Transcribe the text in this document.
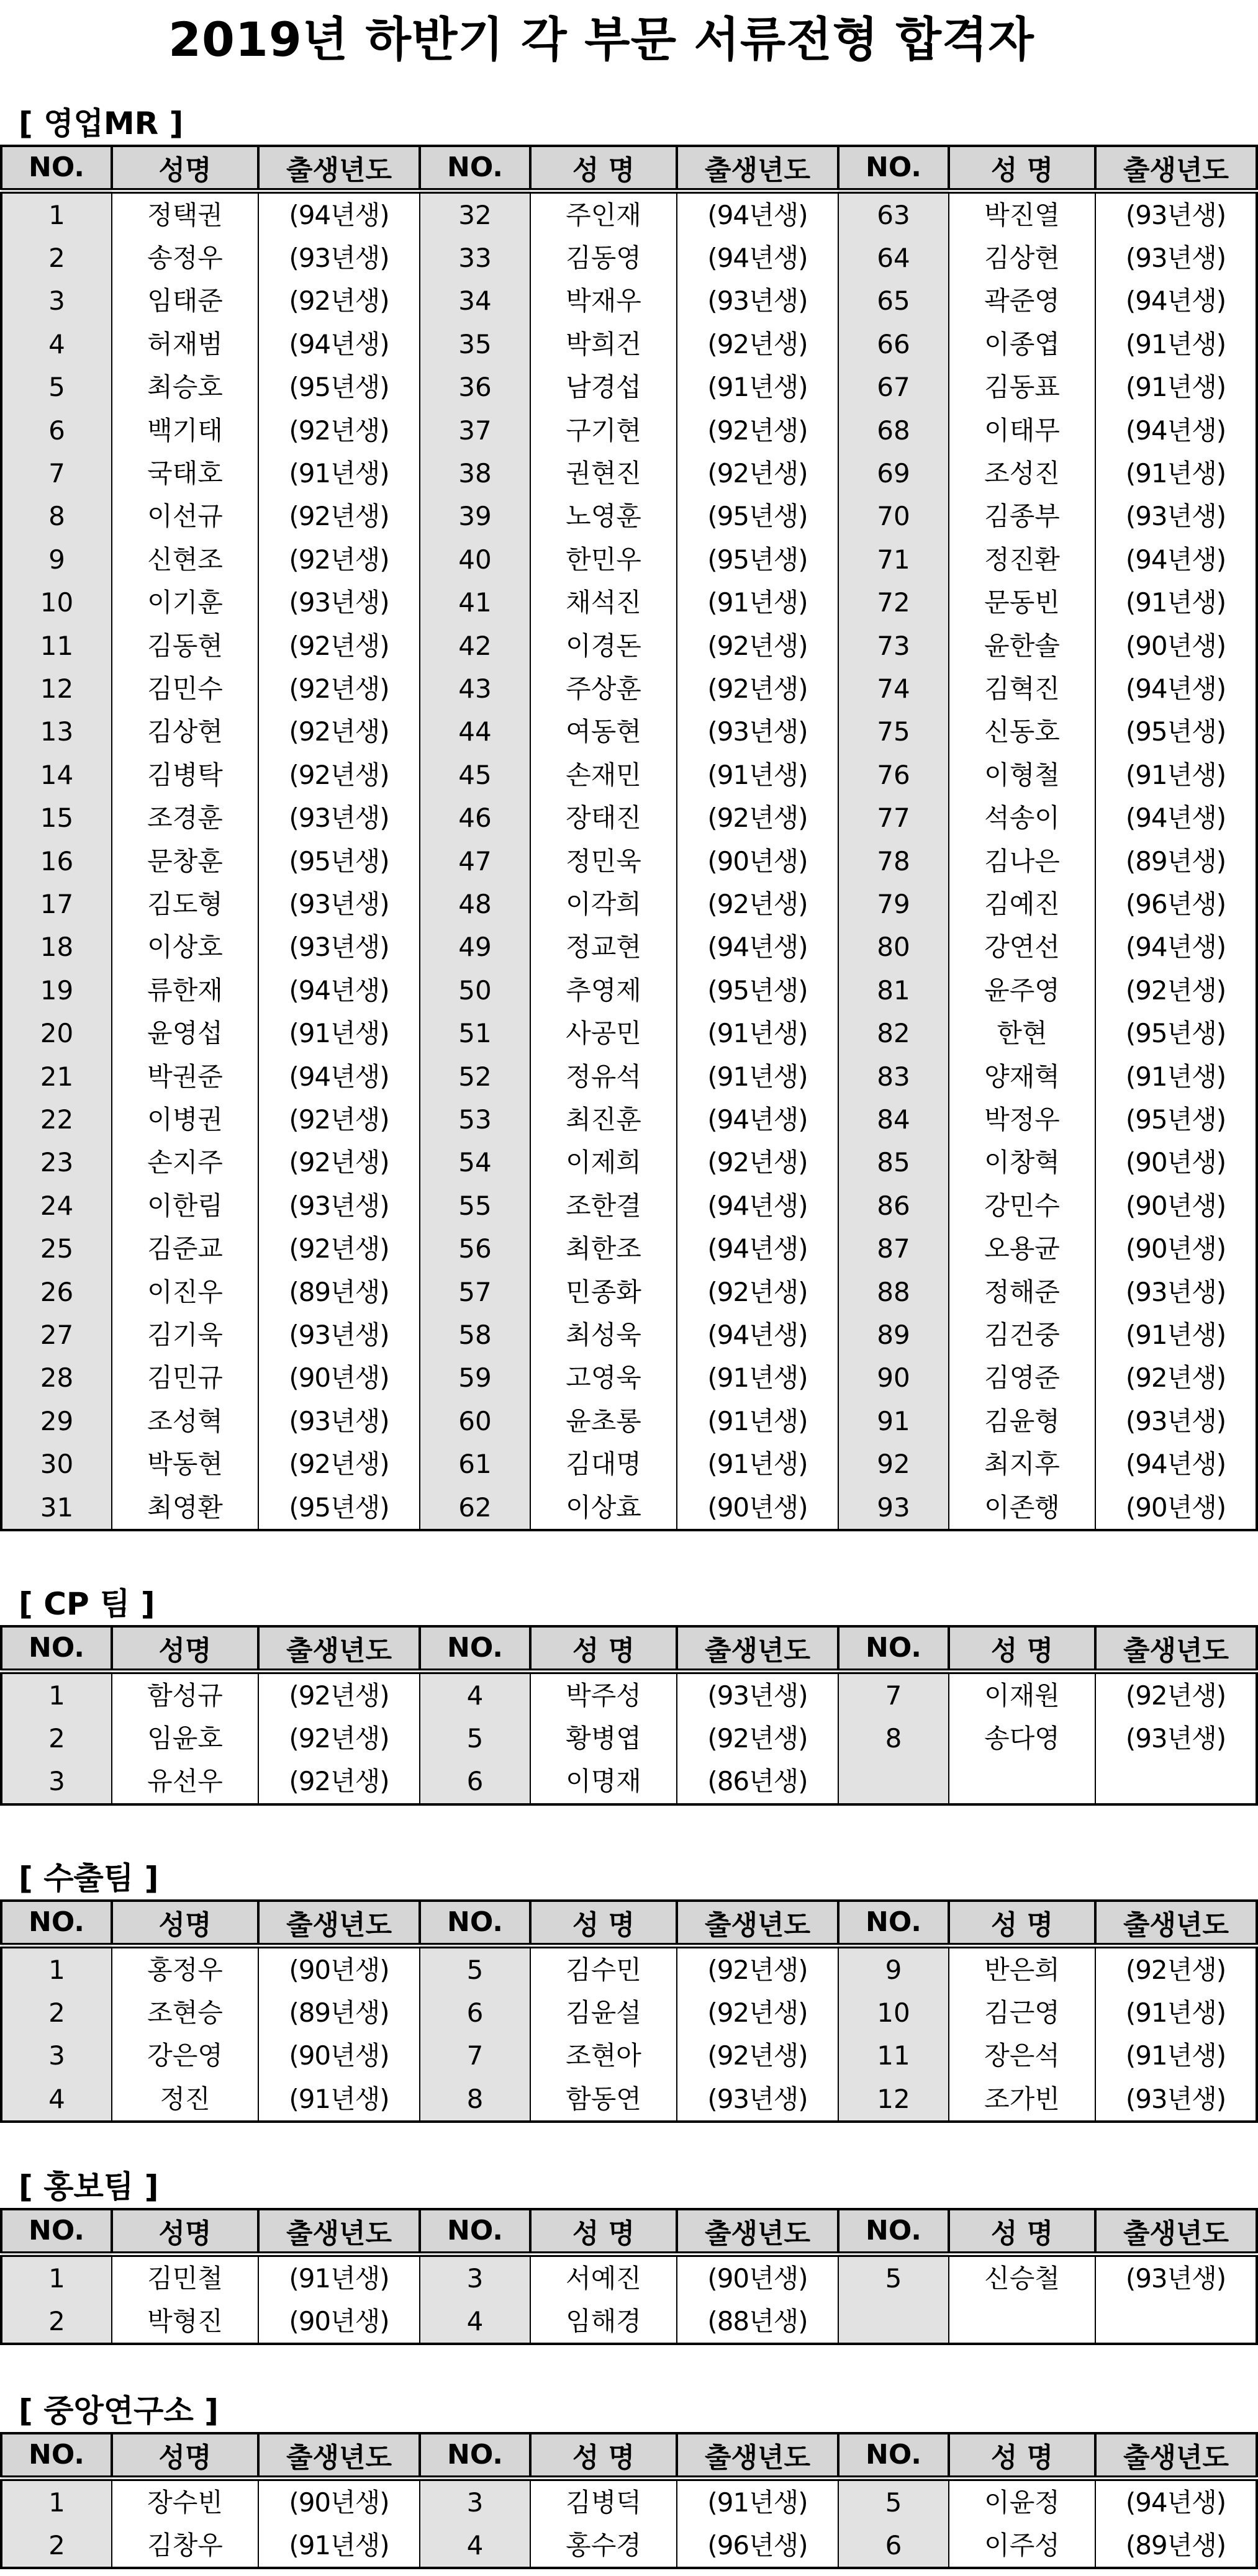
2019년 하반기 각 부문 서류전형 합격자
[ 영업MR ]
NO.	성명	출생년도	NO.	성 명	출생년도	NO.	성 명	출생년도
1	정택권	(94년생)	32	주인재	(94년생)	63	박진열	(93년생)
2	송정우	(93년생)	33	김동영	(94년생)	64	김상현	(93년생)
3	임태준	(92년생)	34	박재우	(93년생)	65	곽준영	(94년생)
4	허재범	(94년생)	35	박희건	(92년생)	66	이종엽	(91년생)
5	최승호	(95년생)	36	남경섭	(91년생)	67	김동표	(91년생)
6	백기태	(92년생)	37	구기현	(92년생)	68	이태무	(94년생)
7	국태호	(91년생)	38	권현진	(92년생)	69	조성진	(91년생)
8	이선규	(92년생)	39	노영훈	(95년생)	70	김종부	(93년생)
9	신현조	(92년생)	40	한민우	(95년생)	71	정진환	(94년생)
10	이기훈	(93년생)	41	채석진	(91년생)	72	문동빈	(91년생)
11	김동현	(92년생)	42	이경돈	(92년생)	73	윤한솔	(90년생)
12	김민수	(92년생)	43	주상훈	(92년생)	74	김혁진	(94년생)
13	김상현	(92년생)	44	여동현	(93년생)	75	신동호	(95년생)
14	김병탁	(92년생)	45	손재민	(91년생)	76	이형철	(91년생)
15	조경훈	(93년생)	46	장태진	(92년생)	77	석송이	(94년생)
16	문창훈	(95년생)	47	정민욱	(90년생)	78	김나은	(89년생)
17	김도형	(93년생)	48	이각희	(92년생)	79	김예진	(96년생)
18	이상호	(93년생)	49	정교현	(94년생)	80	강연선	(94년생)
19	류한재	(94년생)	50	추영제	(95년생)	81	윤주영	(92년생)
20	윤영섭	(91년생)	51	사공민	(91년생)	82	한현	(95년생)
21	박권준	(94년생)	52	정유석	(91년생)	83	양재혁	(91년생)
22	이병권	(92년생)	53	최진훈	(94년생)	84	박정우	(95년생)
23	손지주	(92년생)	54	이제희	(92년생)	85	이창혁	(90년생)
24	이한림	(93년생)	55	조한결	(94년생)	86	강민수	(90년생)
25	김준교	(92년생)	56	최한조	(94년생)	87	오용균	(90년생)
26	이진우	(89년생)	57	민종화	(92년생)	88	정해준	(93년생)
27	김기욱	(93년생)	58	최성욱	(94년생)	89	김건중	(91년생)
28	김민규	(90년생)	59	고영욱	(91년생)	90	김영준	(92년생)
29	조성혁	(93년생)	60	윤초롱	(91년생)	91	김윤형	(93년생)
30	박동현	(92년생)	61	김대명	(91년생)	92	최지후	(94년생)
31	최영환	(95년생)	62	이상효	(90년생)	93	이존행	(90년생)
[ CP 팀 ]
NO.	성명	출생년도	NO.	성 명	출생년도	NO.	성 명	출생년도
1	함성규	(92년생)	4	박주성	(93년생)	7	이재원	(92년생)
2	임윤호	(92년생)	5	황병엽	(92년생)	8	송다영	(93년생)
3	유선우	(92년생)	6	이명재	(86년생)			
[ 수출팀 ]
NO.	성명	출생년도	NO.	성 명	출생년도	NO.	성 명	출생년도
1	홍정우	(90년생)	5	김수민	(92년생)	9	반은희	(92년생)
2	조현승	(89년생)	6	김윤설	(92년생)	10	김근영	(91년생)
3	강은영	(90년생)	7	조현아	(92년생)	11	장은석	(91년생)
4	정진	(91년생)	8	함동연	(93년생)	12	조가빈	(93년생)
[ 홍보팀 ]
NO.	성명	출생년도	NO.	성 명	출생년도	NO.	성 명	출생년도
1	김민철	(91년생)	3	서예진	(90년생)	5	신승철	(93년생)
2	박형진	(90년생)	4	임해경	(88년생)			
[ 중앙연구소 ]
NO.	성명	출생년도	NO.	성 명	출생년도	NO.	성 명	출생년도
1	장수빈	(90년생)	3	김병덕	(91년생)	5	이윤정	(94년생)
2	김창우	(91년생)	4	홍수경	(96년생)	6	이주성	(89년생)
